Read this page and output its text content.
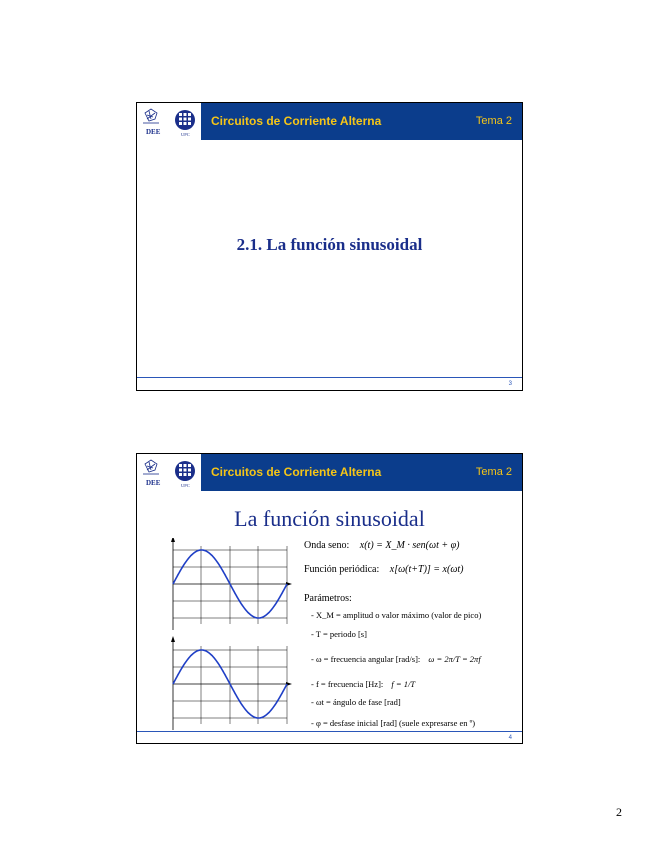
DEE	UPC
Circuitos de Corriente Alterna	Tema 2
2.1. La función sinusoidal
3
DEE	UPC
Circuitos de Corriente Alterna	Tema 2
La función sinusoidal
Onda seno: x(t) = X_M · sen(ωt + φ)
Función periódica: x[ω(t+T)] = x(ωt)
Parámetros:
- X_M = amplitud o valor máximo (valor de pico)
- T = periodo [s]
- ω = frecuencia angular [rad/s]: ω = 2π/T = 2πf
- f = frecuencia [Hz]: f = 1/T
- ωt = ángulo de fase [rad]
- φ = desfase inicial [rad] (suele expresarse en º)
4
2
